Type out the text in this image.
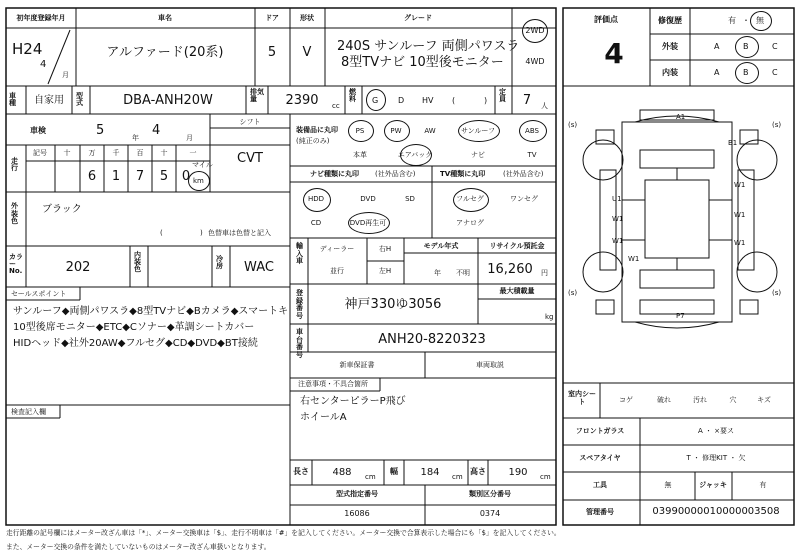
初年度登録年月
H24
4
月
車名
アルファード(20系)
ドア
5
形状
V
グレード
240S サンルーフ 両側パワスラ
8型TVナビ 10型後モニター
2WD
4WD
評価点
4
修復歴	有 ・ 無
外装	A	B	C
内装	A	B	C
車種	自家用 型式	DBA-ANH20W
排気量	2390 cc
燃料	G D HV (	)
定員	7 人
車検	5	年 4	月
シフト
CVT
走行
記号 十	万 千 百 十	一
6 1 7 5 0
マイル
km
外装色
ブラック
(	) 色替車は色替と記入
カラーNo.	202
内装色
冷房	WAC
セールスポイント
サンルーフ◆両側パワスラ◆8型TVナビ◆Bカメラ◆スマートキ
10型後席モニター◆ETC◆Cソナー◆革調シートカバー
HIDヘッド◆社外20AW◆フルセグ◆CD◆DVD◆BT接続
検査記入欄
装備品に丸印
(純正のみ)
PS	PW	AW	サンルーフ	ABS
本革	エアバック	ナビ	TV
ナビ種類に丸印 (社外品含む)
HDD	DVD	SD
CD	DVD再生可
TV種類に丸印	(社外品含む)
フルセグ	ワンセグ
アナログ
輸入車
ディーラー
並行
右H
左H
モデル年式
年 不明
リサイクル預託金
16,260 円
登録番号
神戸330ゆ3056
最大積載量
kg
車台番号
ANH20-8220323
新車保証書	車両取説
注意事項・不具合箇所
右センターピラーP飛び
ホイールA
長さ 488 cm
幅 184 cm
高さ 190 cm
型式指定番号
16086
類別区分番号
0374
(s)	(s)
(s)	(s)
A1
B1
U1
W1
W1
W1
W1
W1
W1
P7
室内シート	コゲ	破れ	汚れ	穴	キズ
フロントガラス	A ・ ×要ス
スペアタイヤ	T ・ 修理KIT ・ 欠
工具	無	ジャッキ	有
管理番号	03990000010000003508
走行距離の記号欄にはメーター改ざん車は「*」、メーター交換車は「$」、走行不明車は「#」を記入してください。メーター交換で合算表示した場合にも「$」を記入してください。
また、メーター交換の条件を満たしていないものはメーター改ざん車扱いとなります。
